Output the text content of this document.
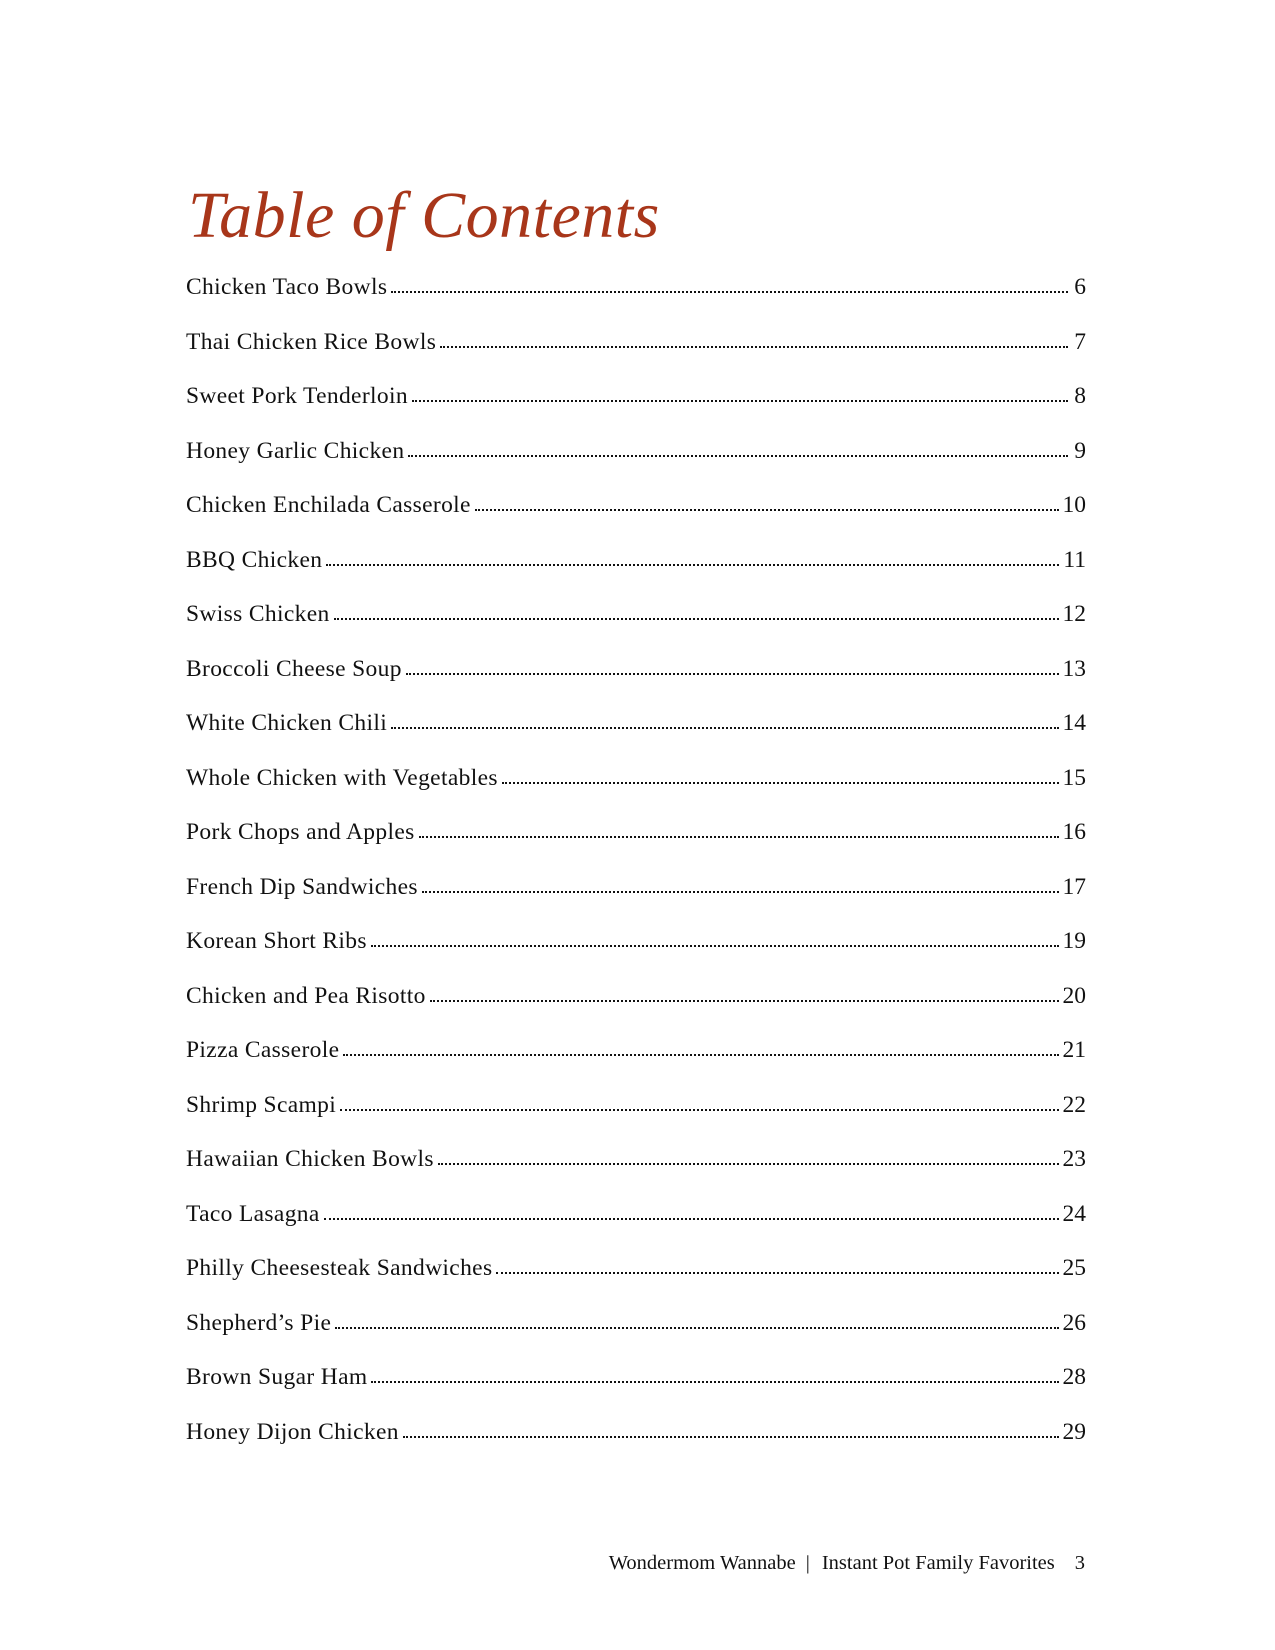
Table of Contents
Chicken Taco Bowls	6
Thai Chicken Rice Bowls	7
Sweet Pork Tenderloin	8
Honey Garlic Chicken	9
Chicken Enchilada Casserole	10
BBQ Chicken	11
Swiss Chicken	12
Broccoli Cheese Soup	13
White Chicken Chili	14
Whole Chicken with Vegetables	15
Pork Chops and Apples	16
French Dip Sandwiches	17
Korean Short Ribs	19
Chicken and Pea Risotto	20
Pizza Casserole	21
Shrimp Scampi	22
Hawaiian Chicken Bowls	23
Taco Lasagna	24
Philly Cheesesteak Sandwiches	25
Shepherd’s Pie	26
Brown Sugar Ham	28
Honey Dijon Chicken	29
Wondermom Wannabe | Instant Pot Family Favorites 3
